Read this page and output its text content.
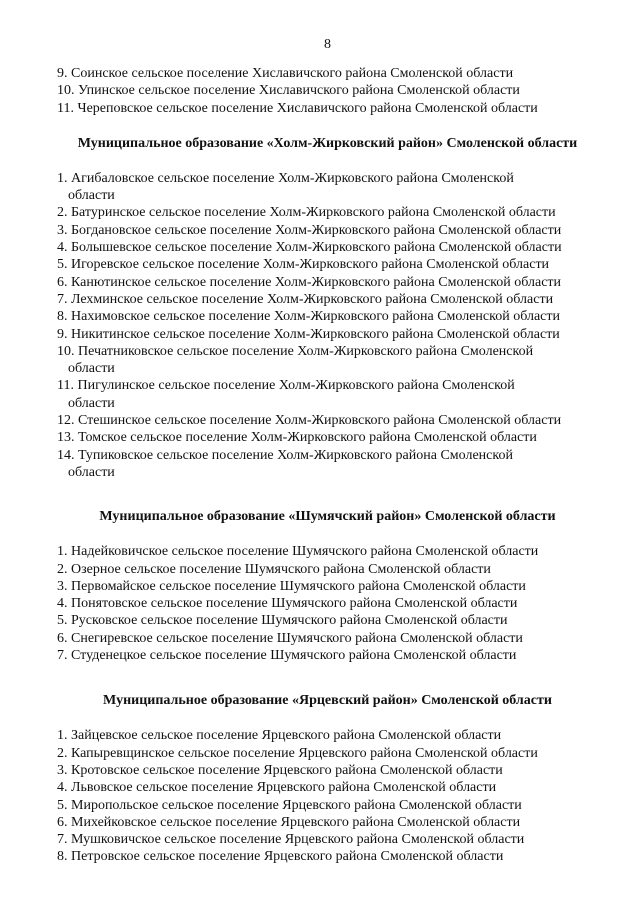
8
9. Соинское сельское поселение Хиславичского района Смоленской области
10. Упинское сельское поселение Хиславичского района Смоленской области
11. Череповское сельское поселение Хиславичского района Смоленской области
Муниципальное образование «Холм-Жирковский район» Смоленской области
1. Агибаловское сельское поселение Холм-Жирковского района Смоленской
области
2. Батуринское сельское поселение Холм-Жирковского района Смоленской области
3. Богдановское сельское поселение Холм-Жирковского района Смоленской области
4. Болышевское сельское поселение Холм-Жирковского района Смоленской области
5. Игоревское сельское поселение Холм-Жирковского района Смоленской области
6. Канютинское сельское поселение Холм-Жирковского района Смоленской области
7. Лехминское сельское поселение Холм-Жирковского района Смоленской области
8. Нахимовское сельское поселение Холм-Жирковского района Смоленской области
9. Никитинское сельское поселение Холм-Жирковского района Смоленской области
10. Печатниковское сельское поселение Холм-Жирковского района Смоленской
области
11. Пигулинское сельское поселение Холм-Жирковского района Смоленской
области
12. Стешинское сельское поселение Холм-Жирковского района Смоленской области
13. Томское сельское поселение Холм-Жирковского района Смоленской области
14. Тупиковское сельское поселение Холм-Жирковского района Смоленской
области
Муниципальное образование «Шумячский район» Смоленской области
1. Надейковичское сельское поселение Шумячского района Смоленской области
2. Озерное сельское поселение Шумячского района Смоленской области
3. Первомайское сельское поселение Шумячского района Смоленской области
4. Понятовское сельское поселение Шумячского района Смоленской области
5. Русковское сельское поселение Шумячского района Смоленской области
6. Снегиревское сельское поселение Шумячского района Смоленской области
7. Студенецкое сельское поселение Шумячского района Смоленской области
Муниципальное образование «Ярцевский район» Смоленской области
1. Зайцевское сельское поселение Ярцевского района Смоленской области
2. Капыревщинское сельское поселение Ярцевского района Смоленской области
3. Кротовское сельское поселение Ярцевского района Смоленской области
4. Львовское сельское поселение Ярцевского района Смоленской области
5. Миропольское сельское поселение Ярцевского района Смоленской области
6. Михейковское сельское поселение Ярцевского района Смоленской области
7. Мушковичское сельское поселение Ярцевского района Смоленской области
8. Петровское сельское поселение Ярцевского района Смоленской области
